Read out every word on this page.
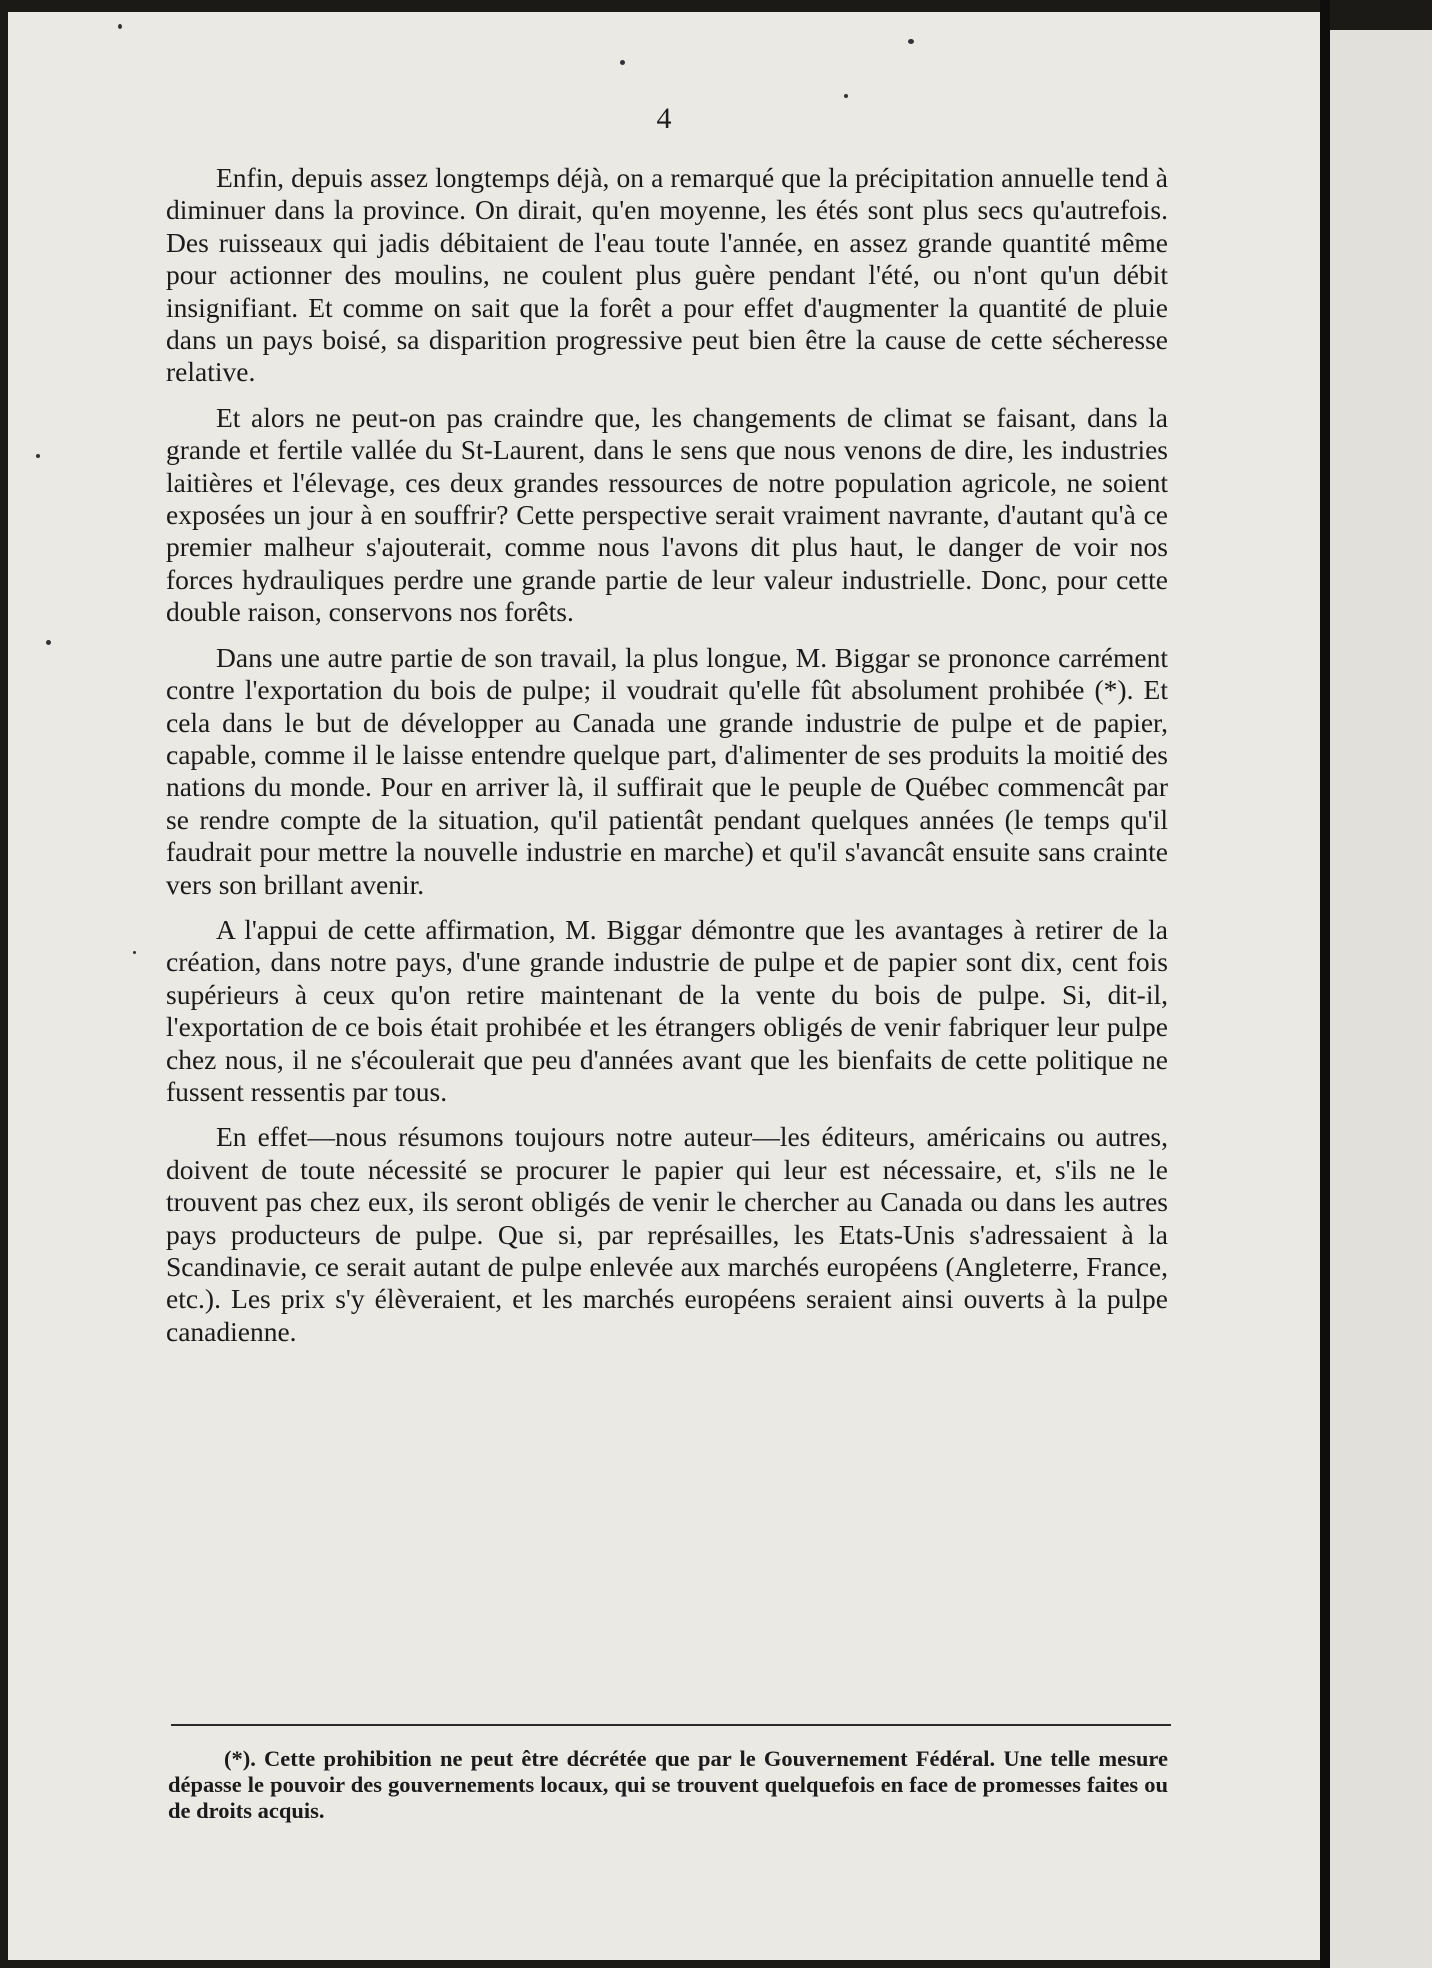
4

Enfin, depuis assez longtemps déjà, on a remarqué que la précipitation annuelle tend à diminuer dans la province. On dirait, qu'en moyenne, les étés sont plus secs qu'autrefois. Des ruisseaux qui jadis débitaient de l'eau toute l'année, en assez grande quantité même pour actionner des moulins, ne coulent plus guère pendant l'été, ou n'ont qu'un débit insignifiant. Et comme on sait que la forêt a pour effet d'augmenter la quantité de pluie dans un pays boisé, sa disparition progressive peut bien être la cause de cette sécheresse relative.

Et alors ne peut-on pas craindre que, les changements de climat se faisant, dans la grande et fertile vallée du St-Laurent, dans le sens que nous venons de dire, les industries laitières et l'élevage, ces deux grandes ressources de notre population agricole, ne soient exposées un jour à en souffrir? Cette perspective serait vraiment navrante, d'autant qu'à ce premier malheur s'ajouterait, comme nous l'avons dit plus haut, le danger de voir nos forces hydrauliques perdre une grande partie de leur valeur industrielle. Donc, pour cette double raison, conservons nos forêts.

Dans une autre partie de son travail, la plus longue, M. Biggar se prononce carrément contre l'exportation du bois de pulpe; il voudrait qu'elle fût absolument prohibée (*). Et cela dans le but de développer au Canada une grande industrie de pulpe et de papier, capable, comme il le laisse entendre quelque part, d'alimenter de ses produits la moitié des nations du monde. Pour en arriver là, il suffirait que le peuple de Québec commencât par se rendre compte de la situation, qu'il patientât pendant quelques années (le temps qu'il faudrait pour mettre la nouvelle industrie en marche) et qu'il s'avancât ensuite sans crainte vers son brillant avenir.

A l'appui de cette affirmation, M. Biggar démontre que les avantages à retirer de la création, dans notre pays, d'une grande industrie de pulpe et de papier sont dix, cent fois supérieurs à ceux qu'on retire maintenant de la vente du bois de pulpe. Si, dit-il, l'exportation de ce bois était prohibée et les étrangers obligés de venir fabriquer leur pulpe chez nous, il ne s'écoulerait que peu d'années avant que les bienfaits de cette politique ne fussent ressentis par tous.

En effet—nous résumons toujours notre auteur—les éditeurs, américains ou autres, doivent de toute nécessité se procurer le papier qui leur est nécessaire, et, s'ils ne le trouvent pas chez eux, ils seront obligés de venir le chercher au Canada ou dans les autres pays producteurs de pulpe. Que si, par représailles, les Etats-Unis s'adressaient à la Scandinavie, ce serait autant de pulpe enlevée aux marchés européens (Angleterre, France, etc.). Les prix s'y élèveraient, et les marchés européens seraient ainsi ouverts à la pulpe canadienne.

(*). Cette prohibition ne peut être décrétée que par le Gouvernement Fédéral. Une telle mesure dépasse le pouvoir des gouvernements locaux, qui se trouvent quelquefois en face de promesses faites ou de droits acquis.
